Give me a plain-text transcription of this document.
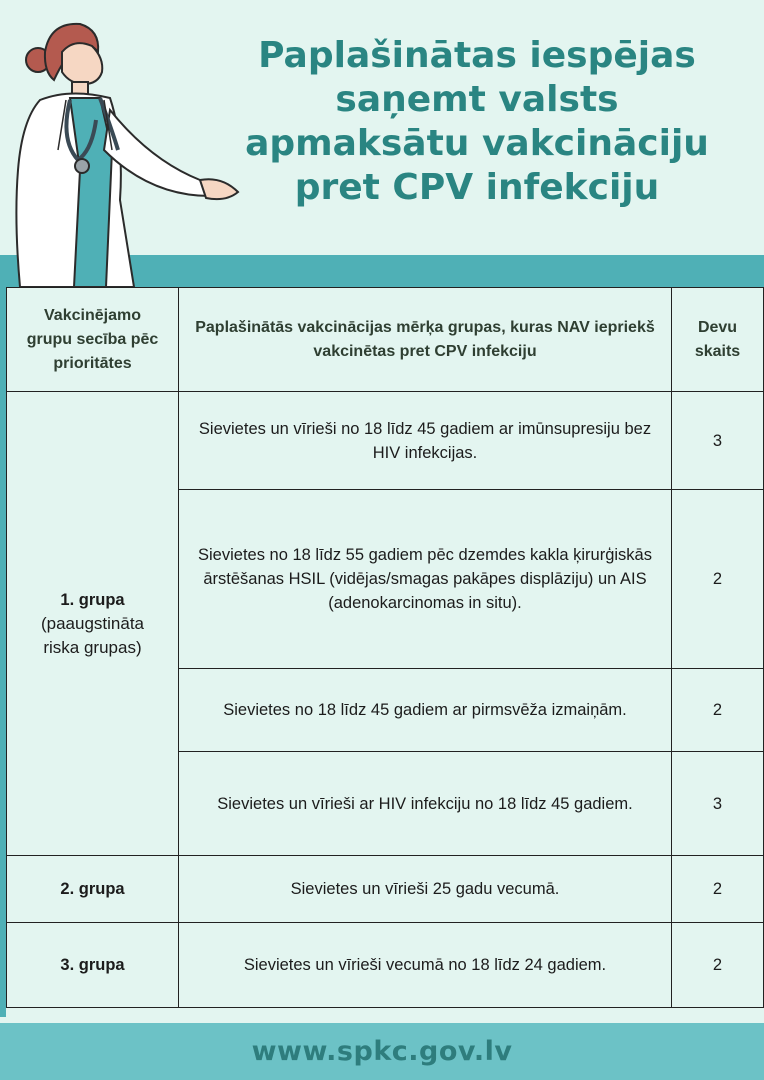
Paplašinātas iespējas saņemt valsts apmaksātu vakcināciju pret CPV infekciju
Vakcinējamo grupu secība pēc prioritātes	Paplašinātās vakcinācijas mērķa grupas, kuras NAV iepriekš vakcinētas pret CPV infekciju	Devu skaits

1. grupa
(paaugstināta riska grupas)	Sievietes un vīrieši no 18 līdz 45 gadiem ar imūnsupresiju bez HIV infekcijas.	3
	Sievietes no 18 līdz 55 gadiem pēc dzemdes kakla ķirurģiskās ārstēšanas HSIL (vidējas/smagas pakāpes displāziju) un AIS (adenokarcinomas in situ).	2
	Sievietes no 18 līdz 45 gadiem ar pirmsvēža izmaiņām.	2
	Sievietes un vīrieši ar HIV infekciju no 18 līdz 45 gadiem.	3

2. grupa	Sievietes un vīrieši 25 gadu vecumā.	2

3. grupa	Sievietes un vīrieši vecumā no 18 līdz 24 gadiem.	2
www.spkc.gov.lv
